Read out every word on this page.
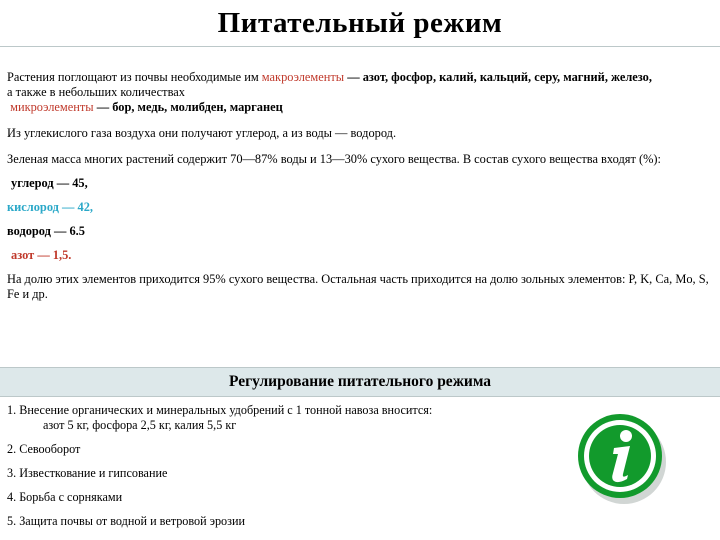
Питательный режим

Растения поглощают из почвы необходимые им макроэлементы — азот, фосфор, калий, кальций, серу, магний, железо,

а также в небольших количествах

микроэлементы — бор, медь, молибден, марганец

Из углекислого газа воздуха они получают углерод, а из воды — водород.

Зеленая масса многих растений содержит 70—87% воды и 13—30% сухого вещества. В состав сухого вещества входят (%):

углерод — 45,

кислород — 42,

водород — 6.5

азот — 1,5.

На долю этих элементов приходится 95% сухого вещества. Остальная часть приходится на долю зольных элементов: P, K, Ca, Mo, S, Fe и др.

Регулирование питательного режима
1. Внесение органических и минеральных удобрений с 1 тонной навоза вносится:
азот 5 кг, фосфора 2,5 кг, калия 5,5 кг
2. Севооборот
3. Известкование и гипсование
4. Борьба с сорняками
5. Защита почвы от водной и ветровой эрозии
